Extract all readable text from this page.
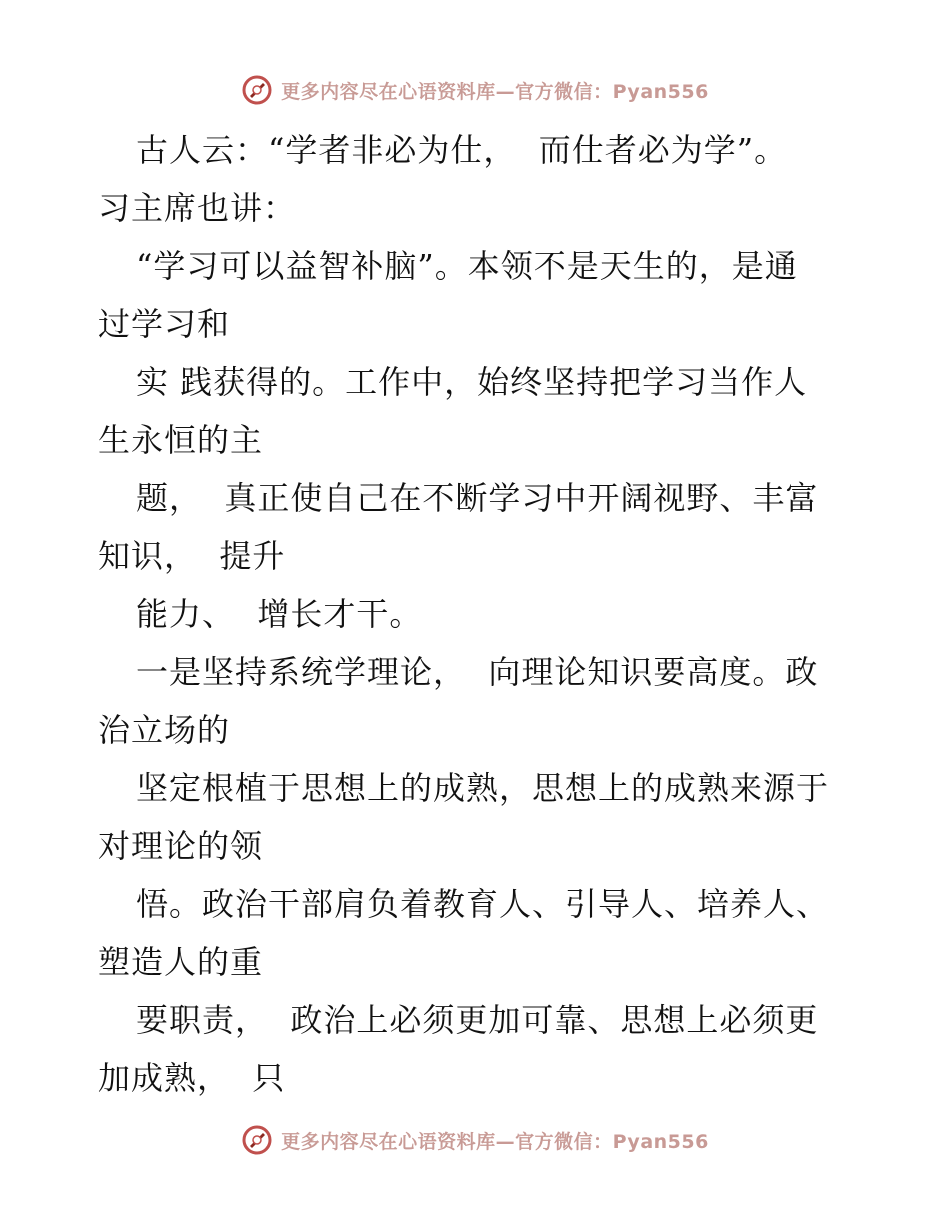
更多内容尽在心语资料库—官方微信：Pyan556
古人云：“学者非必为仕，  而仕者必为学”。
习主席也讲：
“学习可以益智补脑”。本领不是天生的，是通
过学习和
实 践获得的。工作中，始终坚持把学习当作人
生永恒的主
题，  真正使自己在不断学习中开阔视野、丰富
知识，  提升
能力、  增长才干。
一是坚持系统学理论，  向理论知识要高度。政
治立场的
坚定根植于思想上的成熟，思想上的成熟来源于
对理论的领
悟。政治干部肩负着教育人、引导人、培养人、
塑造人的重
要职责，  政治上必须更加可靠、思想上必须更
加成熟，  只
更多内容尽在心语资料库—官方微信：Pyan556
